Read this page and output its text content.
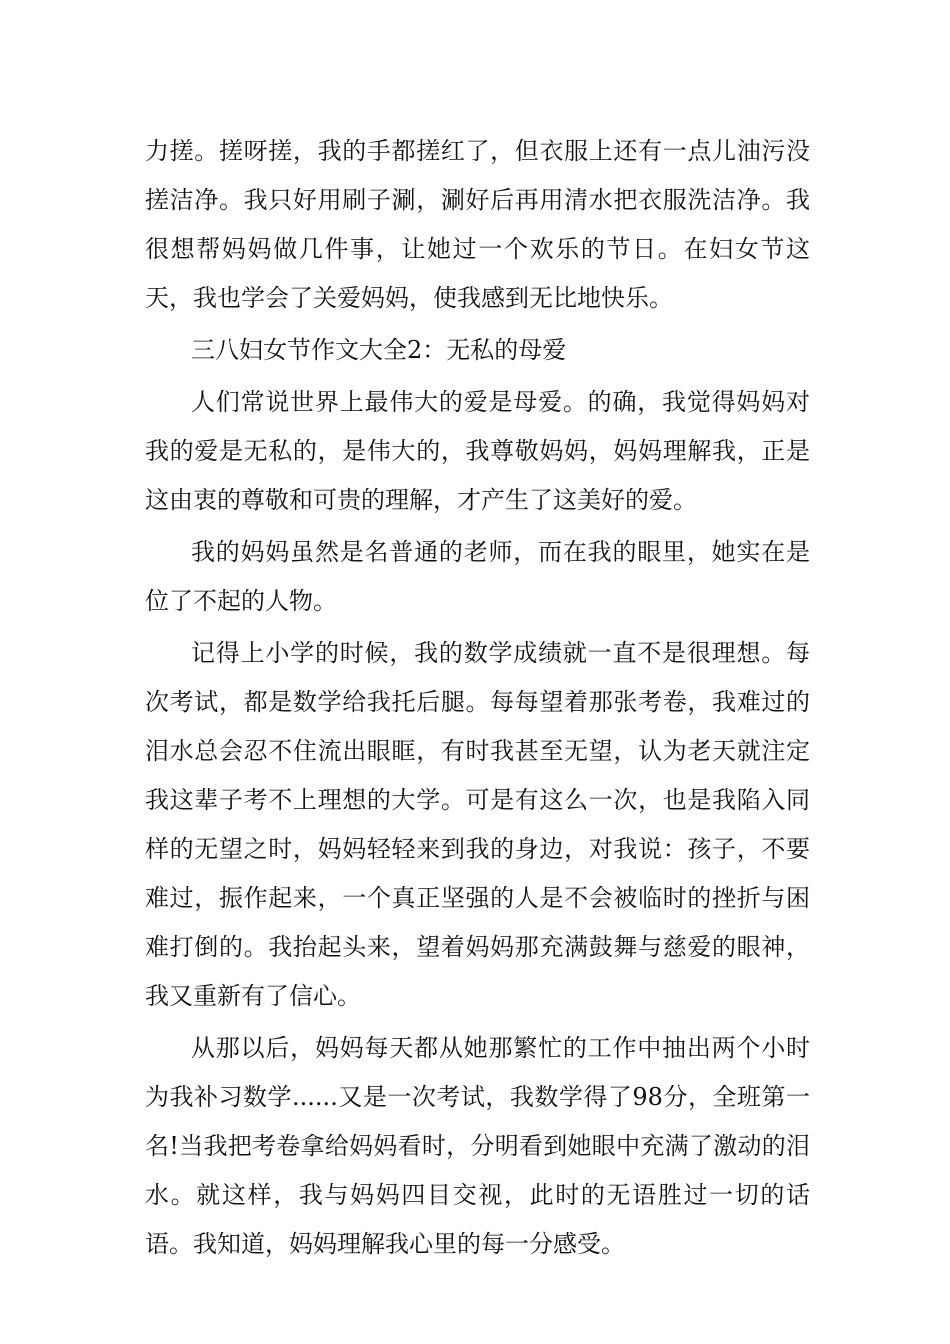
力搓。搓呀搓，我的手都搓红了，但衣服上还有一点儿油污没搓洁净。我只好用刷子涮，涮好后再用清水把衣服洗洁净。我很想帮妈妈做几件事，让她过一个欢乐的节日。在妇女节这天，我也学会了关爱妈妈，使我感到无比地快乐。

三八妇女节作文大全2：无私的母爱

人们常说世界上最伟大的爱是母爱。的确，我觉得妈妈对我的爱是无私的，是伟大的，我尊敬妈妈，妈妈理解我，正是这由衷的尊敬和可贵的理解，才产生了这美好的爱。

我的妈妈虽然是名普通的老师，而在我的眼里，她实在是位了不起的人物。

记得上小学的时候，我的数学成绩就一直不是很理想。每次考试，都是数学给我托后腿。每每望着那张考卷，我难过的泪水总会忍不住流出眼眶，有时我甚至无望，认为老天就注定我这辈子考不上理想的大学。可是有这么一次，也是我陷入同样的无望之时，妈妈轻轻来到我的身边，对我说：孩子，不要难过，振作起来，一个真正坚强的人是不会被临时的挫折与困难打倒的。我抬起头来，望着妈妈那充满鼓舞与慈爱的眼神，我又重新有了信心。

从那以后，妈妈每天都从她那繁忙的工作中抽出两个小时为我补习数学......又是一次考试，我数学得了98分，全班第一名!当我把考卷拿给妈妈看时，分明看到她眼中充满了激动的泪水。就这样，我与妈妈四目交视，此时的无语胜过一切的话语。我知道，妈妈理解我心里的每一分感受。
